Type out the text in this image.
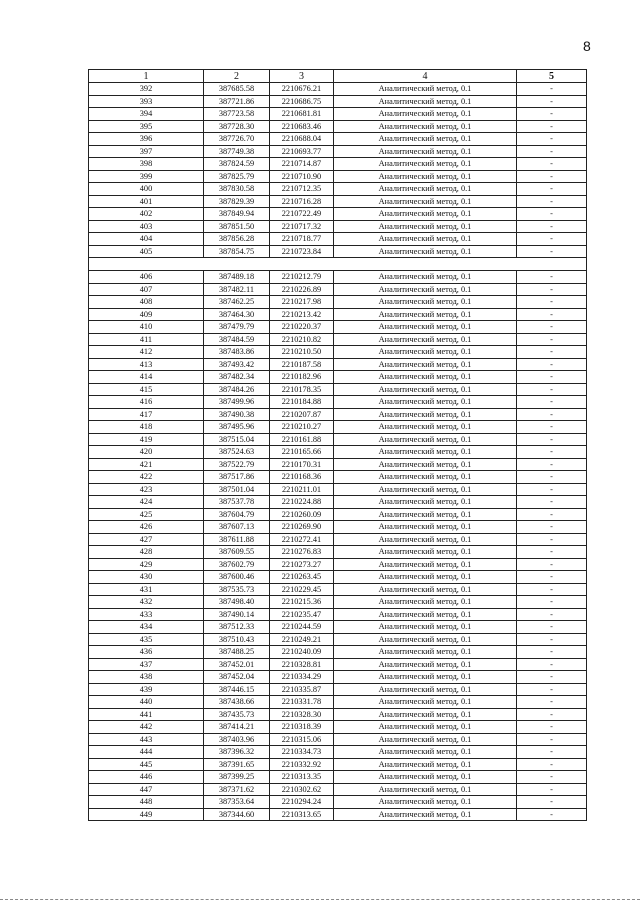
8
1	2	3	4	5
392	387685.58	2210676.21	Аналитический метод, 0.1	-
393	387721.86	2210686.75	Аналитический метод, 0.1	-
394	387723.58	2210681.81	Аналитический метод, 0.1	-
395	387728.30	2210683.46	Аналитический метод, 0.1	-
396	387726.70	2210688.04	Аналитический метод, 0.1	-
397	387749.38	2210693.77	Аналитический метод, 0.1	-
398	387824.59	2210714.87	Аналитический метод, 0.1	-
399	387825.79	2210710.90	Аналитический метод, 0.1	-
400	387830.58	2210712.35	Аналитический метод, 0.1	-
401	387829.39	2210716.28	Аналитический метод, 0.1	-
402	387849.94	2210722.49	Аналитический метод, 0.1	-
403	387851.50	2210717.32	Аналитический метод, 0.1	-
404	387856.28	2210718.77	Аналитический метод, 0.1	-
405	387854.75	2210723.84	Аналитический метод, 0.1	-

406	387489.18	2210212.79	Аналитический метод, 0.1	-
407	387482.11	2210226.89	Аналитический метод, 0.1	-
408	387462.25	2210217.98	Аналитический метод, 0.1	-
409	387464.30	2210213.42	Аналитический метод, 0.1	-
410	387479.79	2210220.37	Аналитический метод, 0.1	-
411	387484.59	2210210.82	Аналитический метод, 0.1	-
412	387483.86	2210210.50	Аналитический метод, 0.1	-
413	387493.42	2210187.58	Аналитический метод, 0.1	-
414	387482.34	2210182.96	Аналитический метод, 0.1	-
415	387484.26	2210178.35	Аналитический метод, 0.1	-
416	387499.96	2210184.88	Аналитический метод, 0.1	-
417	387490.38	2210207.87	Аналитический метод, 0.1	-
418	387495.96	2210210.27	Аналитический метод, 0.1	-
419	387515.04	2210161.88	Аналитический метод, 0.1	-
420	387524.63	2210165.66	Аналитический метод, 0.1	-
421	387522.79	2210170.31	Аналитический метод, 0.1	-
422	387517.86	2210168.36	Аналитический метод, 0.1	-
423	387501.04	2210211.01	Аналитический метод, 0.1	-
424	387537.78	2210224.88	Аналитический метод, 0.1	-
425	387604.79	2210260.09	Аналитический метод, 0.1	-
426	387607.13	2210269.90	Аналитический метод, 0.1	-
427	387611.88	2210272.41	Аналитический метод, 0.1	-
428	387609.55	2210276.83	Аналитический метод, 0.1	-
429	387602.79	2210273.27	Аналитический метод, 0.1	-
430	387600.46	2210263.45	Аналитический метод, 0.1	-
431	387535.73	2210229.45	Аналитический метод, 0.1	-
432	387498.40	2210215.36	Аналитический метод, 0.1	-
433	387490.14	2210235.47	Аналитический метод, 0.1	-
434	387512.33	2210244.59	Аналитический метод, 0.1	-
435	387510.43	2210249.21	Аналитический метод, 0.1	-
436	387488.25	2210240.09	Аналитический метод, 0.1	-
437	387452.01	2210328.81	Аналитический метод, 0.1	-
438	387452.04	2210334.29	Аналитический метод, 0.1	-
439	387446.15	2210335.87	Аналитический метод, 0.1	-
440	387438.66	2210331.78	Аналитический метод, 0.1	-
441	387435.73	2210328.30	Аналитический метод, 0.1	-
442	387414.21	2210318.39	Аналитический метод, 0.1	-
443	387403.96	2210315.06	Аналитический метод, 0.1	-
444	387396.32	2210334.73	Аналитический метод, 0.1	-
445	387391.65	2210332.92	Аналитический метод, 0.1	-
446	387399.25	2210313.35	Аналитический метод, 0.1	-
447	387371.62	2210302.62	Аналитический метод, 0.1	-
448	387353.64	2210294.24	Аналитический метод, 0.1	-
449	387344.60	2210313.65	Аналитический метод, 0.1	-
